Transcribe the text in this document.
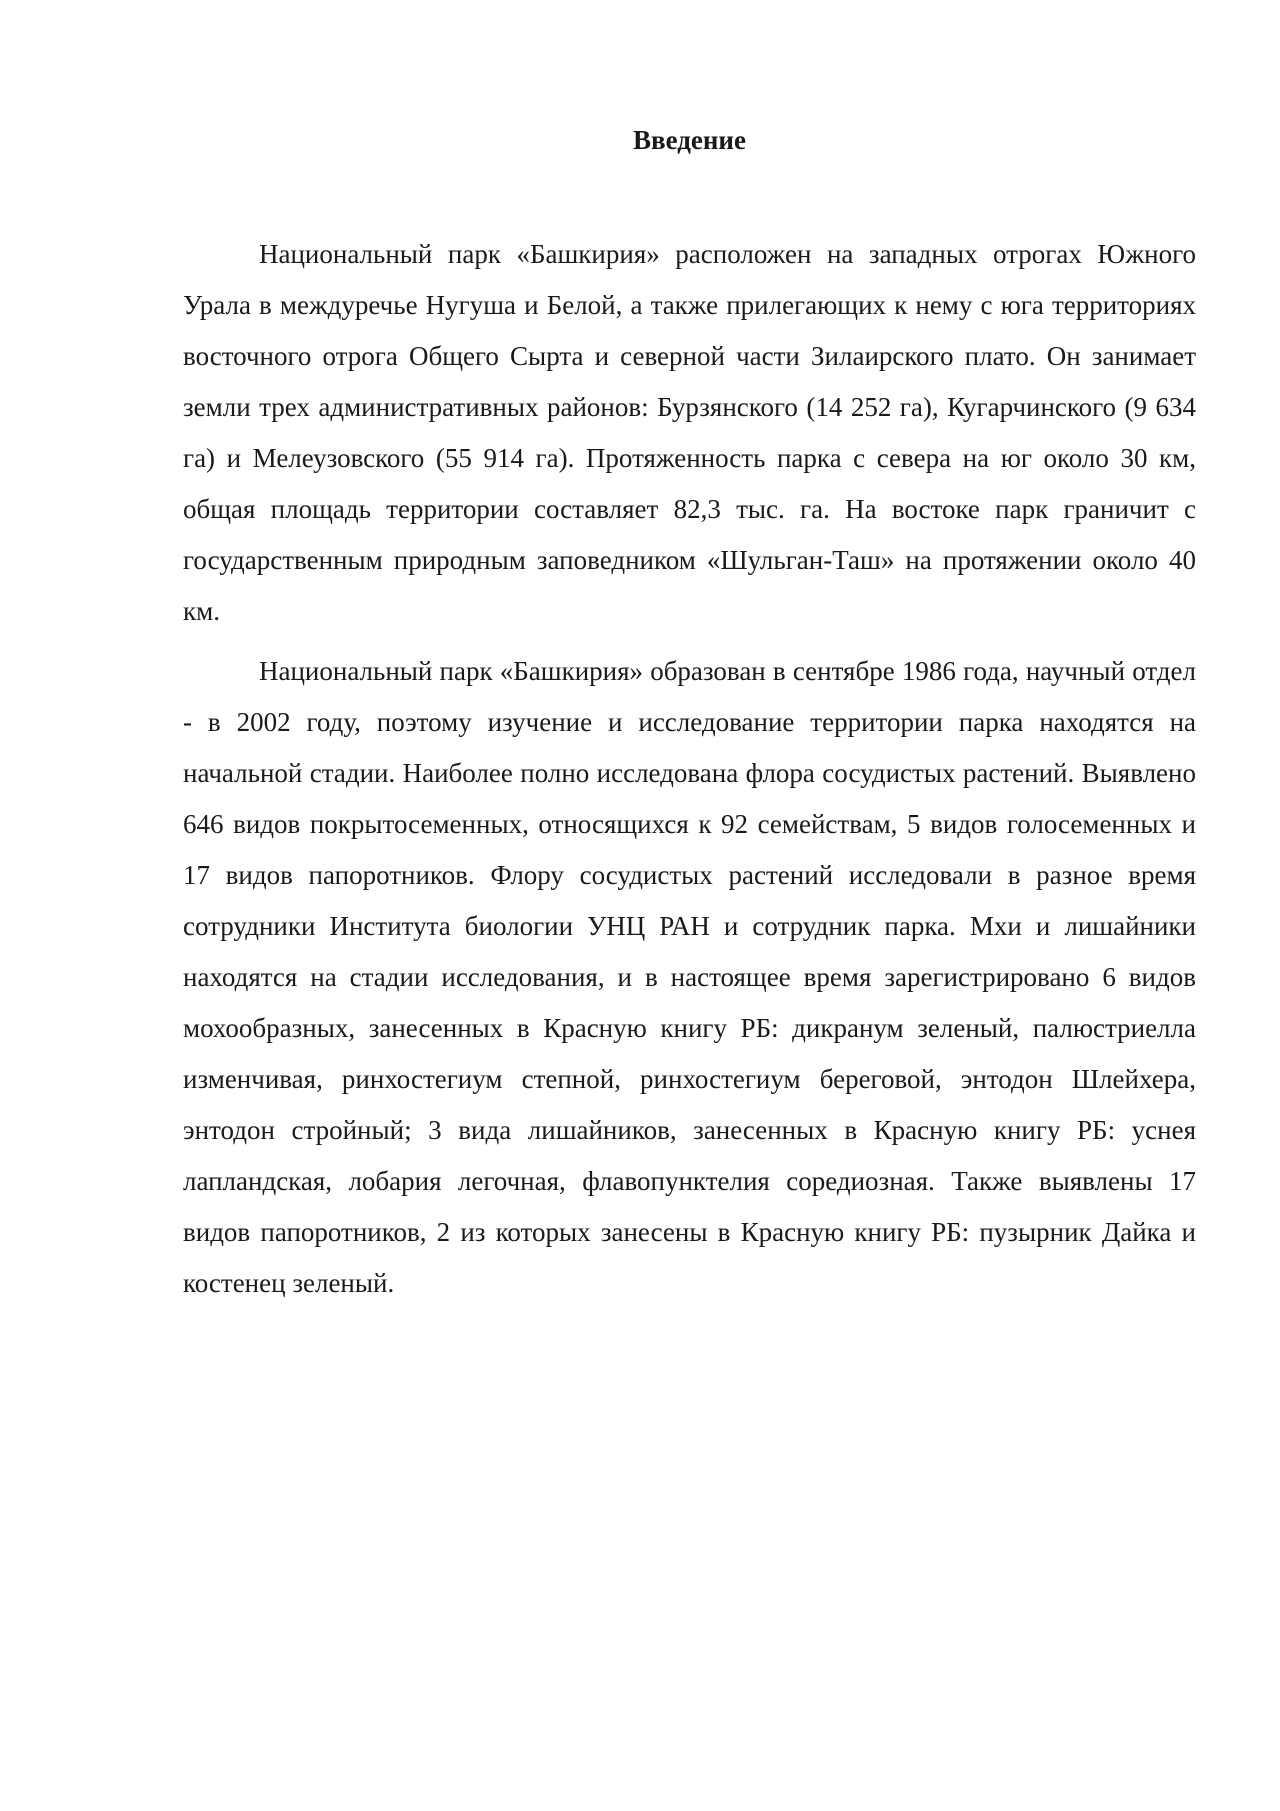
Введение

Национальный парк «Башкирия» расположен на западных отрогах Южного Урала в междуречье Нугуша и Белой, а также прилегающих к нему с юга территориях восточного отрога Общего Сырта и северной части Зилаирского плато. Он занимает земли трех административных районов: Бурзянского (14 252 га), Кугарчинского (9 634 га) и Мелеузовского (55 914 га). Протяженность парка с севера на юг около 30 км, общая площадь территории составляет 82,3 тыс. га. На востоке парк граничит с государственным природным заповедником «Шульган-Таш» на протяжении около 40 км.

Национальный парк «Башкирия» образован в сентябре 1986 года, научный отдел - в 2002 году, поэтому изучение и исследование территории парка находятся на начальной стадии. Наиболее полно исследована флора сосудистых растений. Выявлено 646 видов покрытосеменных, относящихся к 92 семействам, 5 видов голосеменных и 17 видов папоротников. Флору сосудистых растений исследовали в разное время сотрудники Института биологии УНЦ РАН и сотрудник парка. Мхи и лишайники находятся на стадии исследования, и в настоящее время зарегистрировано 6 видов мохообразных, занесенных в Красную книгу РБ: дикранум зеленый, палюстриелла изменчивая, ринхостегиум степной, ринхостегиум береговой, энтодон Шлейхера, энтодон стройный; 3 вида лишайников, занесенных в Красную книгу РБ: уснея лапландская, лобария легочная, флавопунктелия соредиозная. Также выявлены 17 видов папоротников, 2 из которых занесены в Красную книгу РБ: пузырник Дайка и костенец зеленый.
